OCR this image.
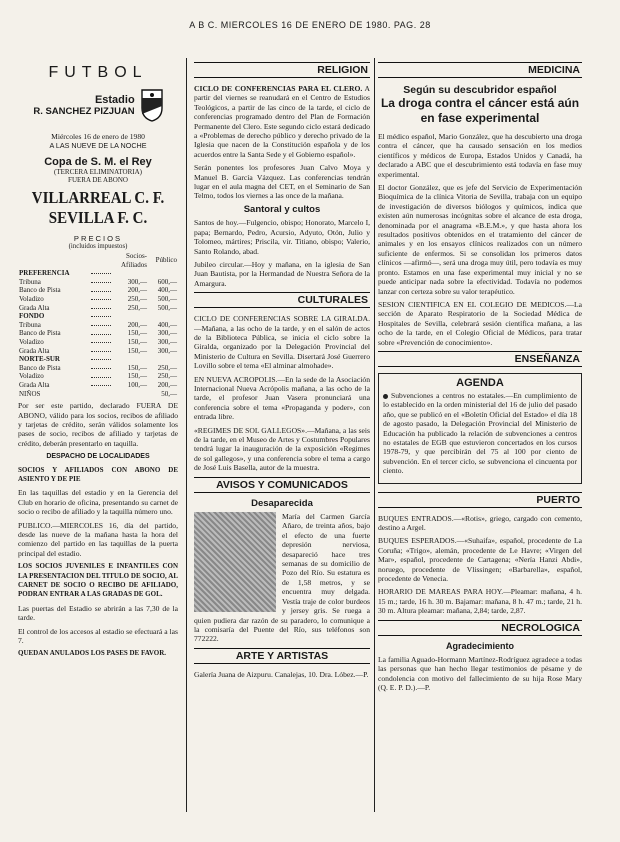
A B C. MIERCOLES 16 DE ENERO DE 1980. PAG. 28
FUTBOL
Estadio
R. SANCHEZ PIZJUAN
Miércoles 16 de enero de 1980
A LAS NUEVE DE LA NOCHE
Copa de S. M. el Rey
(TERCERA ELIMINATORIA)
FUERA DE ABONO
VILLARREAL C. F.
SEVILLA F. C.
PRECIOS
(incluidos impuestos)
		Socios-Afiliados	Público
PREFERENCIA	

Tribuna		300,—	600,—
Banco de Pista		200,—	400,—
Voladizo		250,—	500,—
Grada Alta		250,—	500,—
FONDO	

Tribuna		200,—	400,—
Banco de Pista		150,—	300,—
Voladizo		150,—	300,—
Grada Alta		150,—	300,—
NORTE-SUR	

Banco de Pista		150,—	250,—
Voladizo		150,—	250,—
Grada Alta		100,—	200,—
NIÑOS			50,—

Por ser este partido, declarado FUERA DE ABONO, válido para los socios, recibos de afiliado y tarjetas de crédito, serán válidos solamente los pases de socio, recibos de afiliado y tarjetas de crédito, deberán presentarlo en taquilla.

DESPACHO DE LOCALIDADES

SOCIOS Y AFILIADOS CON ABONO DE ASIENTO Y DE PIE

En las taquillas del estadio y en la Gerencia del Club en horario de oficina, presentando su carnet de socio o recibo de afiliado y la taquilla número uno.

PUBLICO.—MIERCOLES 16, día del partido, desde las nueve de la mañana hasta la hora del comienzo del partido en las taquillas de la puerta principal del estadio.

LOS SOCIOS JUVENILES E INFANTILES CON LA PRESENTACION DEL TITULO DE SOCIO, AL CARNET DE SOCIO O RECIBO DE AFILIADO, PODRAN ENTRAR A LAS GRADAS DE GOL.

Las puertas del Estadio se abrirán a las 7,30 de la tarde.

El control de los accesos al estadio se efectuará a las 7.

QUEDAN ANULADOS LOS PASES DE FAVOR.

RELIGION

CICLO DE CONFERENCIAS PARA EL CLERO. A partir del viernes se reanudará en el Centro de Estudios Teológicos, a partir de las cinco de la tarde, el ciclo de conferencias programado dentro del Plan de Formación Permanente del Clero. Este segundo ciclo estará dedicado a «Problemas de derecho público y derecho privado de la Iglesia que nacen de la Constitución española y de los acuerdos entre la Santa Sede y el Gobierno español».

Serán ponentes los profesores Juan Calvo Moya y Manuel B. García Vázquez. Las conferencias tendrán lugar en el aula magna del CET, en el Seminario de San Telmo, todos los viernes a las once de la mañana.

Santoral y cultos

Santos de hoy.—Fulgencio, obispo; Honorato, Marcelo I, papa; Bernardo, Pedro, Acursio, Adyuto, Otón, Julio y Tolomeo, mártires; Priscila, vir. Titiano, obispo; Valerio, Santo Rolando, abad.

Jubileo circular.—Hoy y mañana, en la iglesia de San Juan Bautista, por la Hermandad de Nuestra Señora de la Amargura.

CULTURALES

CICLO DE CONFERENCIAS SOBRE LA GIRALDA.—Mañana, a las ocho de la tarde, y en el salón de actos de la Biblioteca Pública, se inicia el ciclo sobre la Giralda, organizado por la Delegación Provincial del Ministerio de Cultura en Sevilla. Disertará José Guerrero Lovillo sobre el tema «El alminar almohade».

EN NUEVA ACROPOLIS.—En la sede de la Asociación Internacional Nueva Acrópolis mañana, a las ocho de la tarde, el profesor Juan Vasera pronunciará una conferencia sobre el tema «Propaganda y poder», con entrada libre.

«REGIMES DE SOL GALLEGOS».—Mañana, a las seis de la tarde, en el Museo de Artes y Costumbres Populares tendrá lugar la inauguración de la exposición «Regimes de sol gallegos», y una conferencia sobre el tema a cargo de José Luis Basella, autor de la muestra.

AVISOS Y COMUNICADOS

Desaparecida

María del Carmen García Añaro, de treinta años, bajo el efecto de una fuerte depresión nerviosa, desapareció hace tres semanas de su domicilio de Pozo del Río. Su estatura es de 1,58 metros, y se encuentra muy delgada. Vestía traje de color burdeos y jersey gris. Se ruega a quien pudiera dar razón de su paradero, lo comunique a la comisaría del Puente del Río, sus teléfonos son 772222.

ARTE Y ARTISTAS

Galería Juana de Aizpuru. Canalejas, 10. Dra. Lóbez.—P.

MEDICINA
Según su descubridor español
La droga contra el cáncer está aún en fase experimental

El médico español, Mario González, que ha descubierto una droga contra el cáncer, que ha causado sensación en los medios científicos y médicos de Europa, Estados Unidos y Canadá, ha declarado a ABC que el descubrimiento está todavía en fase muy experimental.

El doctor González, que es jefe del Servicio de Experimentación Bioquímica de la clínica Vitoria de Sevilla, trabaja con un equipo de investigación de diversos biólogos y químicos, indica que existen aún numerosas incógnitas sobre el alcance de esta droga, denominada por el anagrama «B.E.M.», y que hasta ahora los resultados positivos obtenidos en el tratamiento del cáncer de animales y en los ensayos clínicos realizados con un número suficiente de enfermos. Si se consolidan los primeros datos clínicos —afirmó—, será una droga muy útil, pero todavía es muy pronto. Estamos en una fase experimental muy inicial y no se puede anticipar nada sobre la efectividad. Todavía no podemos lanzar con certeza sobre su valor terapéutico.

SESION CIENTIFICA EN EL COLEGIO DE MEDICOS.—La sección de Aparato Respiratorio de la Sociedad Médica de Hospitales de Sevilla, celebrará sesión científica mañana, a las ocho de la tarde, en el Colegio Oficial de Médicos, para tratar sobre «Prevención de conocimiento».

ENSEÑANZA
AGENDA

Subvenciones a centros no estatales.—En cumplimiento de lo establecido en la orden ministerial del 16 de julio del pasado año, que se publicó en el «Boletín Oficial del Estado» el día 18 de agosto pasado, la Delegación Provincial del Ministerio de Educación ha publicado la relación de subvenciones a centros no estatales de EGB que estuvieron concertados en los cursos 1978-79, y que percibirán del 75 al 100 por ciento de subvención. En el tercer ciclo, se subvenciona el cincuenta por ciento.

PUERTO

BUQUES ENTRADOS.—«Rotis», griego, cargado con cemento, destino a Argel.

BUQUES ESPERADOS.—«Suhaifa», español, procedente de La Coruña; «Trigo», alemán, procedente de Le Havre; «Virgen del Mar», español, procedente de Cartagena; «Nería Hanzi Abdi», noruego, procedente de Vlissingen; «Barbarella», español, procedente de Venecia.

HORARIO DE MAREAS PARA HOY.—Pleamar: mañana, 4 h. 15 m.; tarde, 16 h. 30 m. Bajamar: mañana, 8 h. 47 m.; tarde, 21 h. 30 m. Altura pleamar: mañana, 2,84; tarde, 2,87.

NECROLOGICA

Agradecimiento

La familia Aguado-Hormann Martínez-Rodríguez agradece a todas las personas que han hecho llegar testimonios de pésame y de condolencia con motivo del fallecimiento de su hija Rose Mary (Q. E. P. D.).—P.
